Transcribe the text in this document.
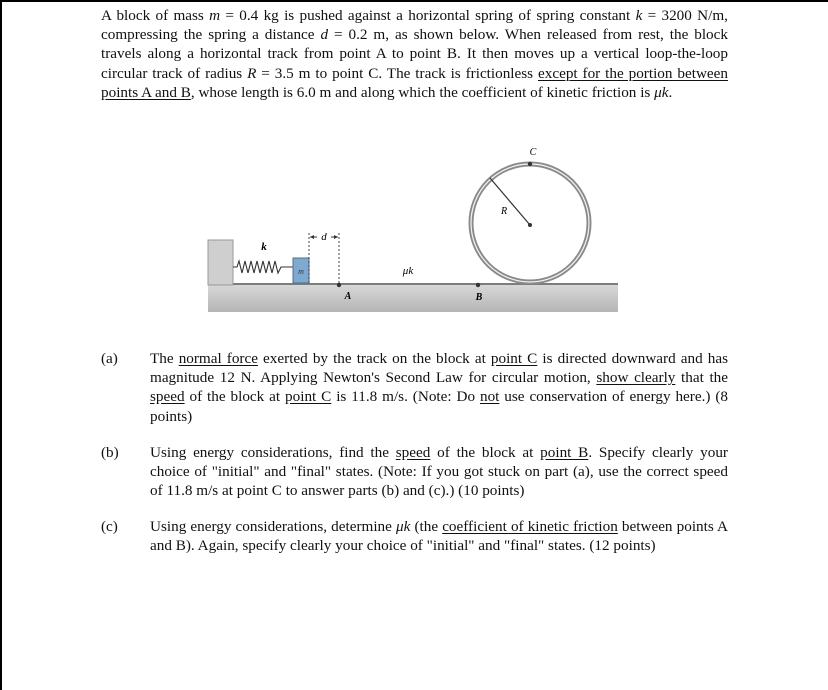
A block of mass m = 0.4 kg is pushed against a horizontal spring of spring constant k = 3200 N/m, compressing the spring a distance d = 0.2 m, as shown below. When released from rest, the block travels along a horizontal track from point A to point B. It then moves up a vertical loop-the-loop circular track of radius R = 3.5 m to point C. The track is frictionless except for the portion between points A and B, whose length is 6.0 m and along which the coefficient of kinetic friction is μk.
m
k
d
A
μk
B
C
R
(a)	The normal force exerted by the track on the block at point C is directed downward and has magnitude 12 N. Applying Newton's Second Law for circular motion, show clearly that the speed of the block at point C is 11.8 m/s. (Note: Do not use conservation of energy here.) (8 points)
(b)	Using energy considerations, find the speed of the block at point B. Specify clearly your choice of "initial" and "final" states. (Note: If you got stuck on part (a), use the correct speed of 11.8 m/s at point C to answer parts (b) and (c).) (10 points)
(c)	Using energy considerations, determine μk (the coefficient of kinetic friction between points A and B). Again, specify clearly your choice of "initial" and "final" states. (12 points)
